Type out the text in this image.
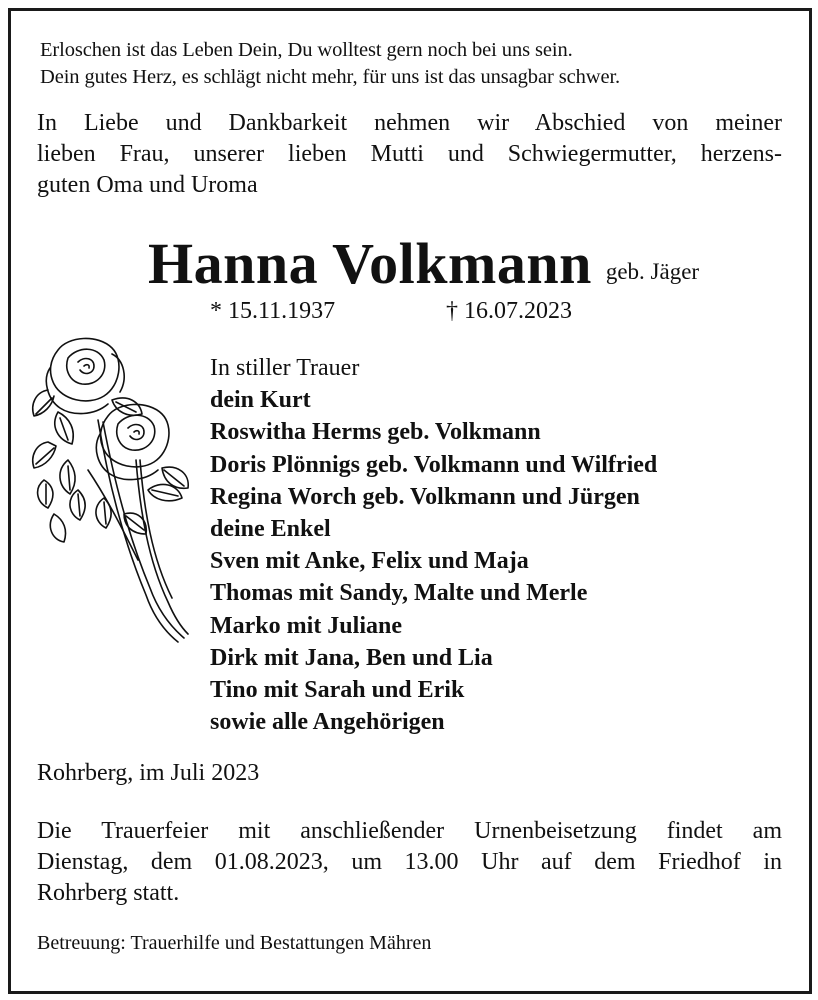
Erloschen ist das Leben Dein, Du wolltest gern noch bei uns sein.
Dein gutes Herz, es schlägt nicht mehr, für uns ist das unsagbar schwer.
In Liebe und Dankbarkeit nehmen wir Abschied von meiner
lieben Frau, unserer lieben Mutti und Schwiegermutter, herzens-
guten Oma und Uroma
Hanna Volkmann geb. Jäger
* 15.11.1937	† 16.07.2023
In stiller Trauer
dein Kurt
Roswitha Herms geb. Volkmann
Doris Plönnigs geb. Volkmann und Wilfried
Regina Worch geb. Volkmann und Jürgen
deine Enkel
Sven mit Anke, Felix und Maja
Thomas mit Sandy, Malte und Merle
Marko mit Juliane
Dirk mit Jana, Ben und Lia
Tino mit Sarah und Erik
sowie alle Angehörigen
Rohrberg, im Juli 2023
Die Trauerfeier mit anschließender Urnenbeisetzung findet am
Dienstag, dem 01.08.2023, um 13.00 Uhr auf dem Friedhof in
Rohrberg statt.
Betreuung: Trauerhilfe und Bestattungen Mähren
